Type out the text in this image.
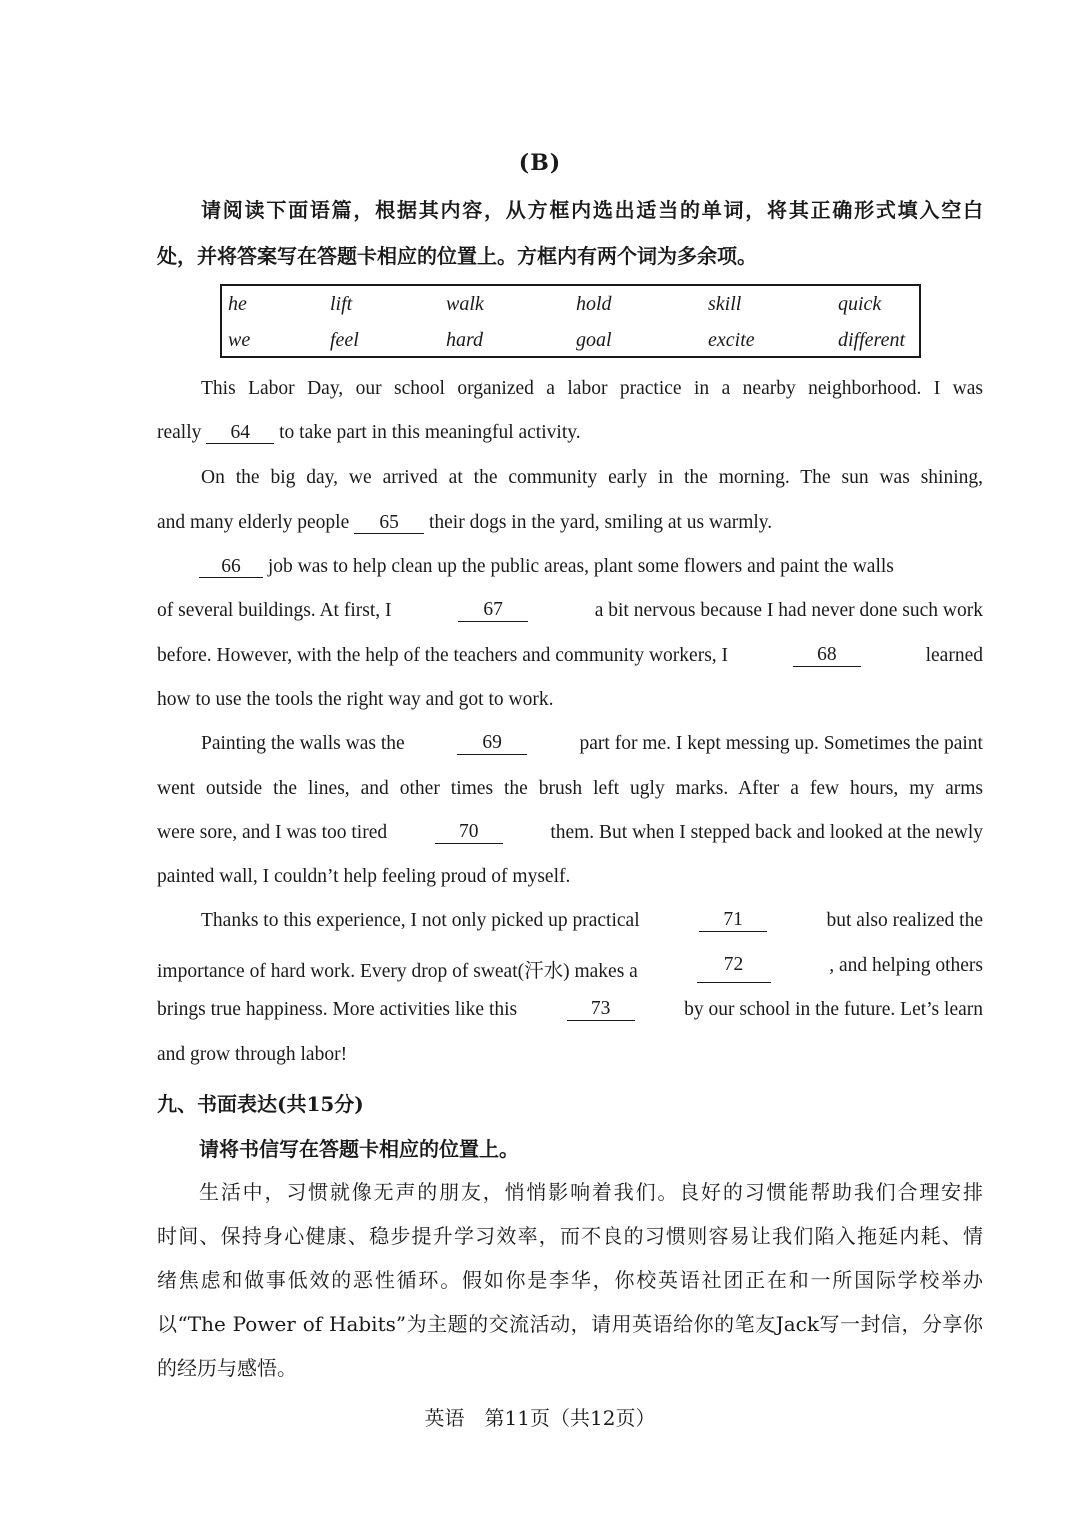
(B)
请阅读下面语篇，根据其内容，从方框内选出适当的单词，将其正确形式填入空白
处，并将答案写在答题卡相应的位置上。方框内有两个词为多余项。
he	lift	walk	hold	skill	quick
we	feel	hard	goal	excite	different
This Labor Day, our school organized a labor practice in a nearby neighborhood. I was
really 64 to take part in this meaningful activity.
On the big day, we arrived at the community early in the morning. The sun was shining,
and many elderly people 65 their dogs in the yard, smiling at us warmly.
66 job was to help clean up the public areas, plant some flowers and paint the walls
of several buildings. At first, I	67	a bit nervous because I had never done such work
before. However, with the help of the teachers and community workers, I	68	learned
how to use the tools the right way and got to work.
Painting the walls was the	69	part for me. I kept messing up. Sometimes the paint
went outside the lines, and other times the brush left ugly marks. After a few hours, my arms
were sore, and I was too tired	70	them. But when I stepped back and looked at the newly
painted wall, I couldn’t help feeling proud of myself.
Thanks to this experience, I not only picked up practical	71	but also realized the
importance of hard work. Every drop of sweat(汗水) makes a	72	, and helping others
brings true happiness. More activities like this	73	by our school in the future. Let’s learn
and grow through labor!
九、书面表达(共15分)
请将书信写在答题卡相应的位置上。
生活中，习惯就像无声的朋友，悄悄影响着我们。良好的习惯能帮助我们合理安排
时间、保持身心健康、稳步提升学习效率，而不良的习惯则容易让我们陷入拖延内耗、情
绪焦虑和做事低效的恶性循环。假如你是李华，你校英语社团正在和一所国际学校举办
以“The Power of Habits”为主题的交流活动，请用英语给你的笔友Jack写一封信，分享你
的经历与感悟。
英语　第11页（共12页）
